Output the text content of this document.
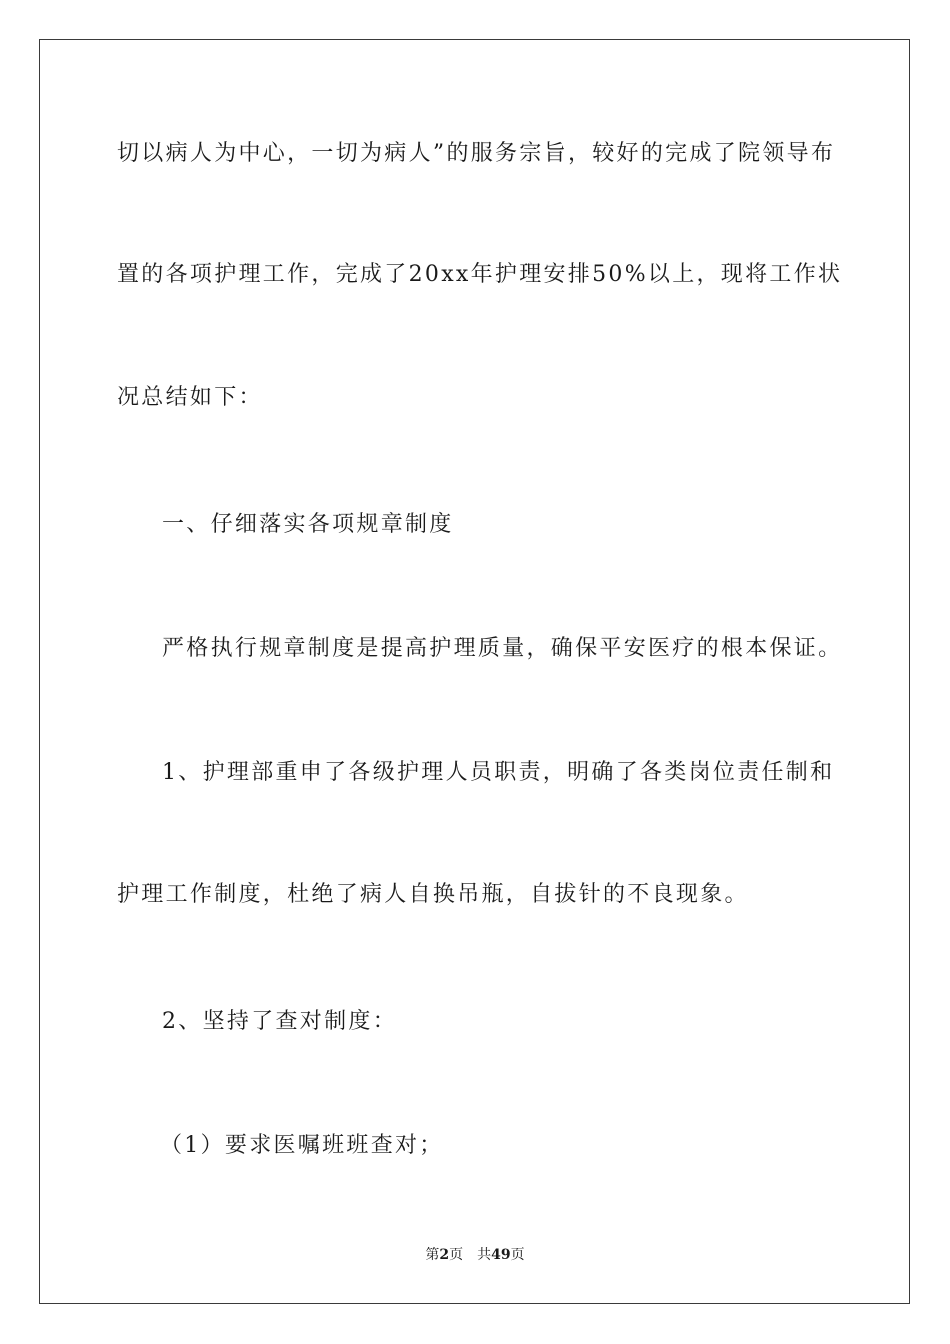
切以病人为中心，一切为病人”的服务宗旨，较好的完成了院领导布
置的各项护理工作，完成了20xx年护理安排50%以上，现将工作状
况总结如下：
一、仔细落实各项规章制度
严格执行规章制度是提高护理质量，确保平安医疗的根本保证。
1、护理部重申了各级护理人员职责，明确了各类岗位责任制和
护理工作制度，杜绝了病人自换吊瓶，自拔针的不良现象。
2、坚持了查对制度：
（1）要求医嘱班班查对；
第2页 共49页
